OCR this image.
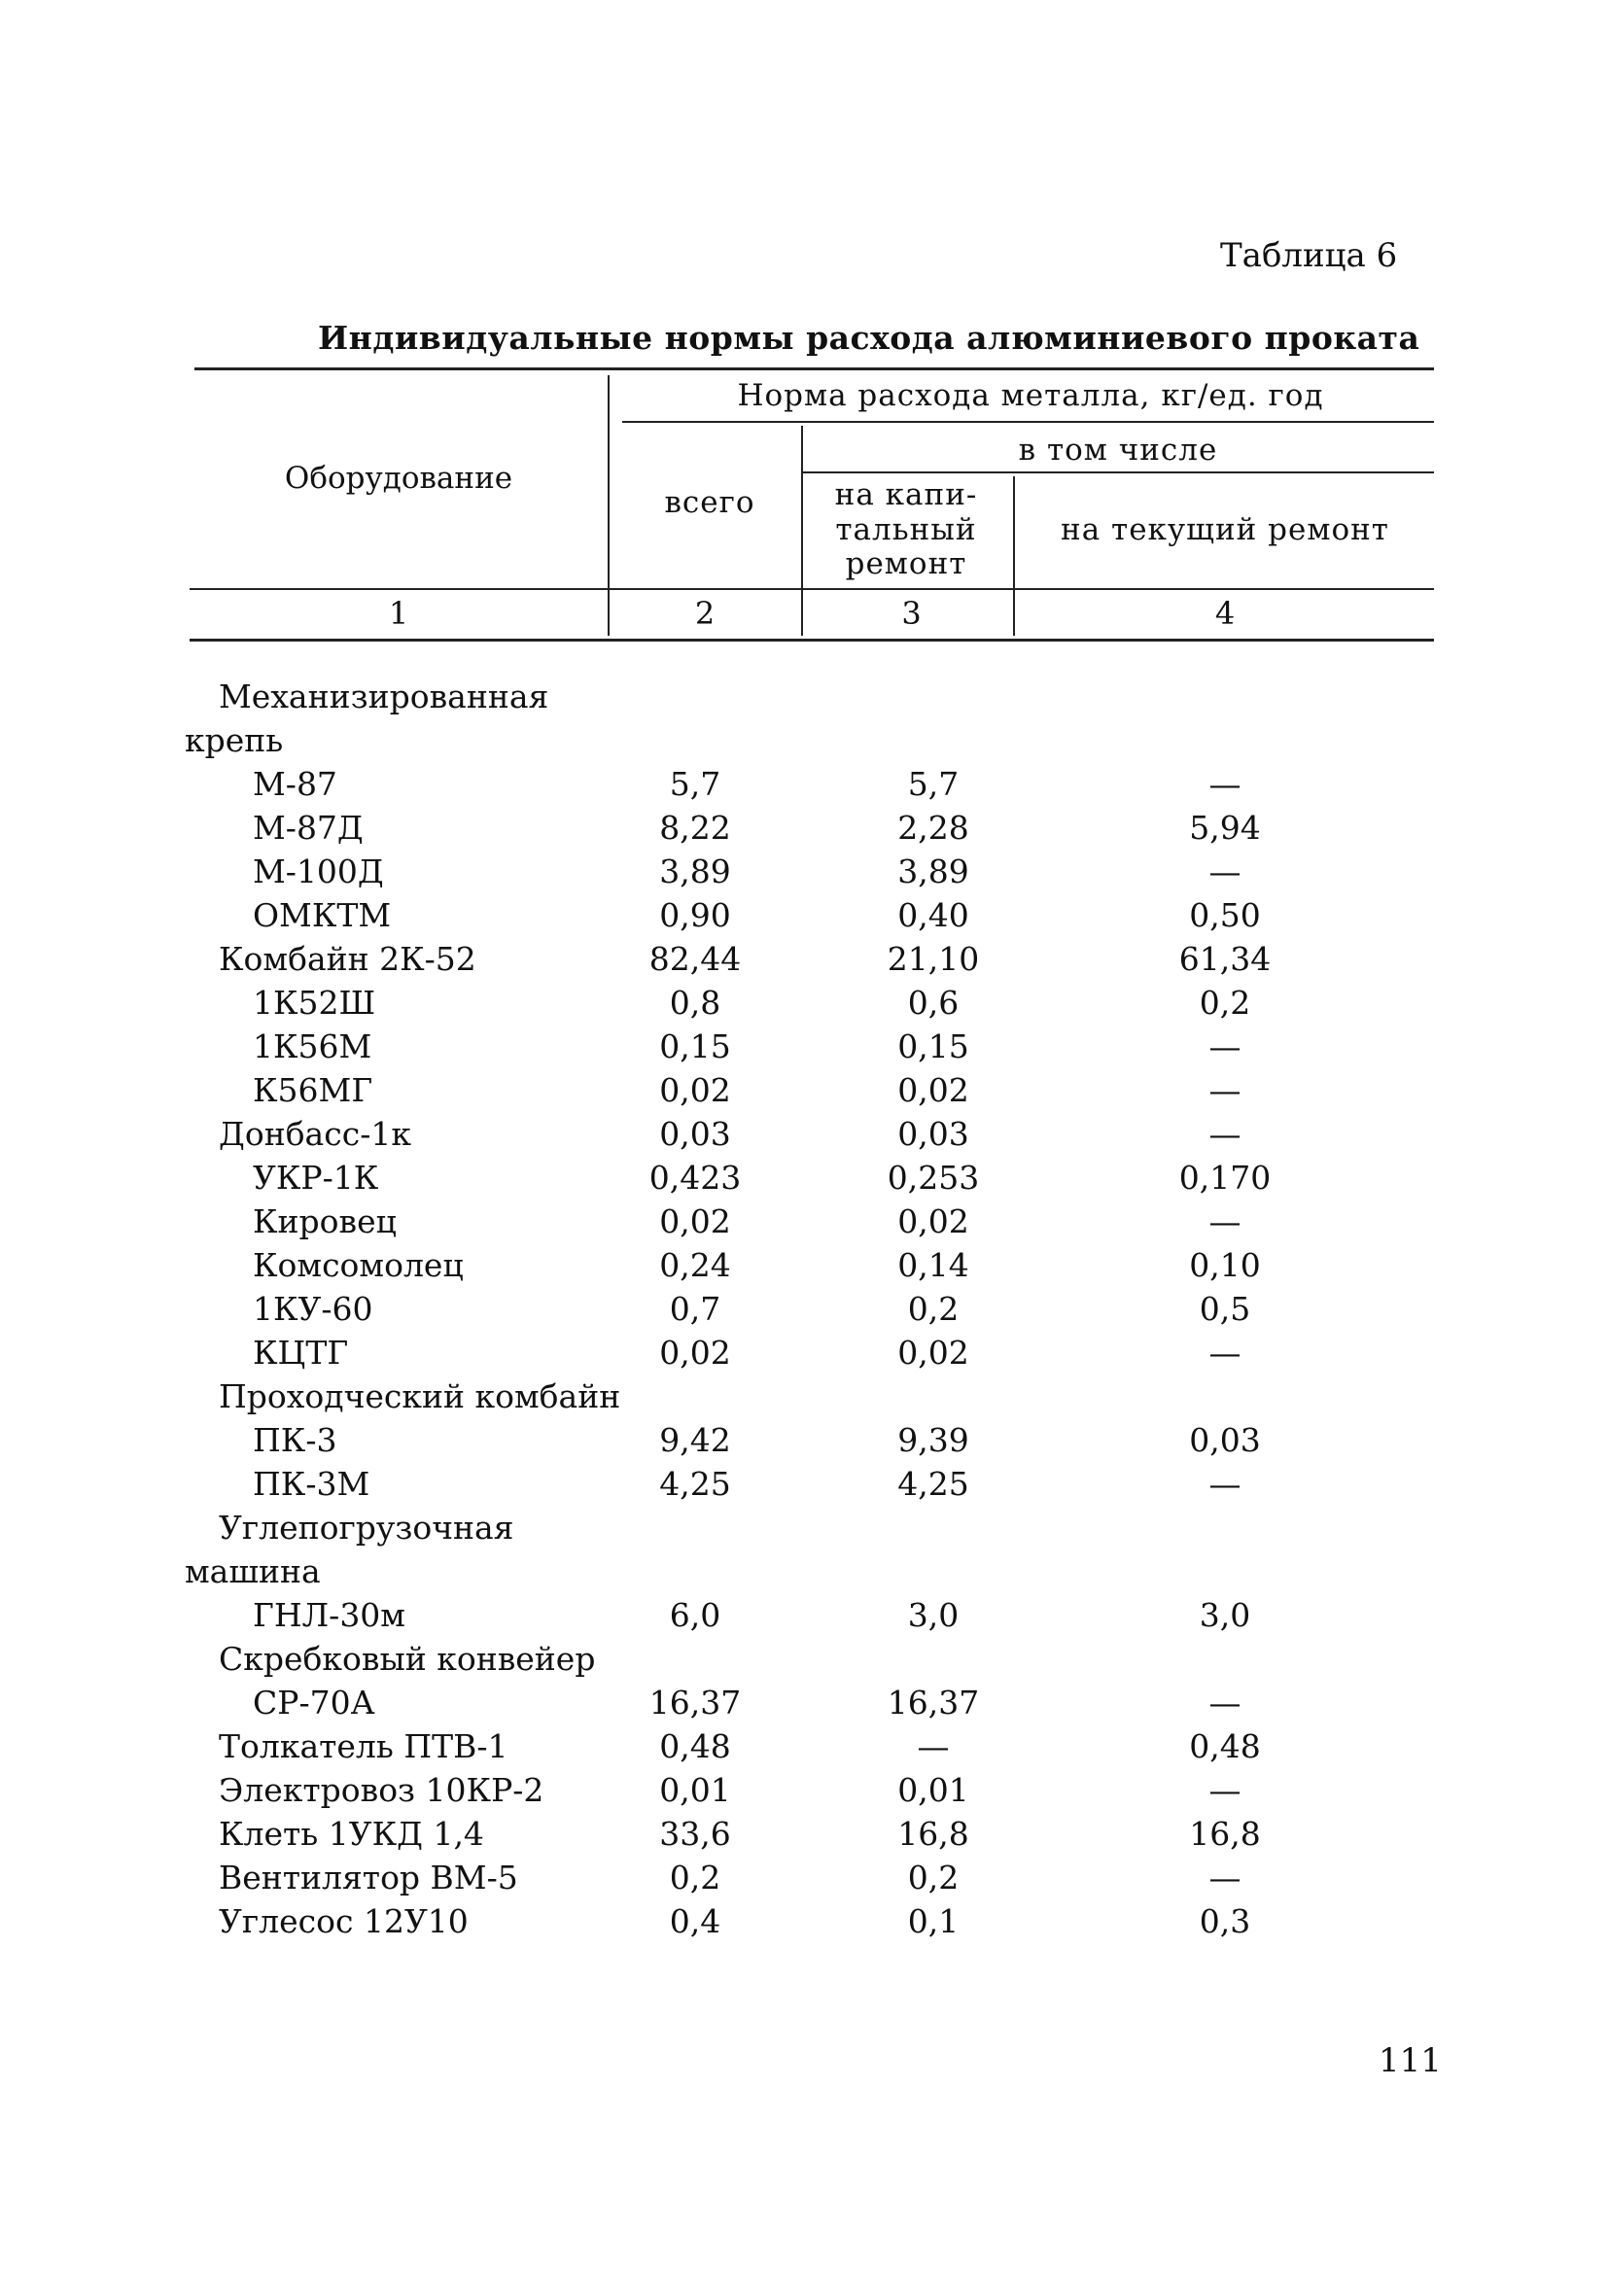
Таблица 6
Индивидуальные нормы расхода алюминиевого проката
Оборудование
Норма расхода металла, кг/ед. год
всего
в том числе
на капи- тальный ремонт
на текущий ремонт
1	2	3	4
Механизированная крепь
М-87	5,7	5,7	—
М-87Д	8,22	2,28	5,94
М-100Д	3,89	3,89	—
ОМКТМ	0,90	0,40	0,50
Комбайн 2К-52	82,44	21,10	61,34
1К52Ш	0,8	0,6	0,2
1К56М	0,15	0,15	—
К56МГ	0,02	0,02	—
Донбасс-1к	0,03	0,03	—
УКР-1К	0,423	0,253	0,170
Кировец	0,02	0,02	—
Комсомолец	0,24	0,14	0,10
1КУ-60	0,7	0,2	0,5
КЦТГ	0,02	0,02	—
Проходческий комбайн
ПК-3	9,42	9,39	0,03
ПК-3М	4,25	4,25	—
Углепогрузочная машина
ГНЛ-30м	6,0	3,0	3,0
Скребковый конвейер
СР-70А	16,37	16,37	—
Толкатель ПТВ-1	0,48	—	0,48
Электровоз 10КР-2	0,01	0,01	—
Клеть 1УКД 1,4	33,6	16,8	16,8
Вентилятор ВМ-5	0,2	0,2	—
Углесос 12У10	0,4	0,1	0,3
111
